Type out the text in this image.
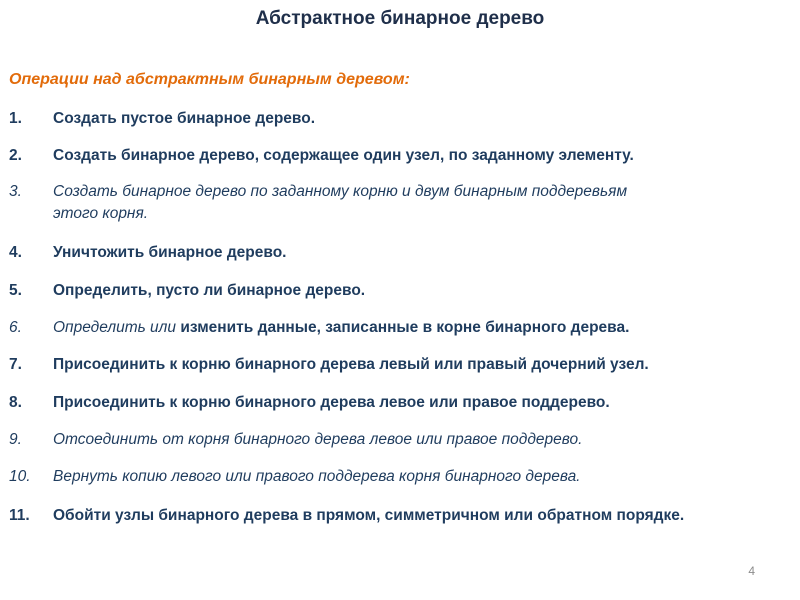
Абстрактное бинарное дерево
Операции над абстрактным бинарным деревом:
1. Создать пустое бинарное дерево.
2. Создать бинарное дерево, содержащее один узел, по заданному элементу.
3. Создать бинарное дерево по заданному корню и двум бинарным поддеревьям
этого корня.
4. Уничтожить бинарное дерево.
5. Определить, пусто ли бинарное дерево.
6. Определить или изменить данные, записанные в корне бинарного дерева.
7. Присоединить к корню бинарного дерева левый или правый дочерний узел.
8. Присоединить к корню бинарного дерева левое или правое поддерево.
9. Отсоединить от корня бинарного дерева левое или правое поддерево.
10. Вернуть копию левого или правого поддерева корня бинарного дерева.
11. Обойти узлы бинарного дерева в прямом, симметричном или обратном порядке.
4
